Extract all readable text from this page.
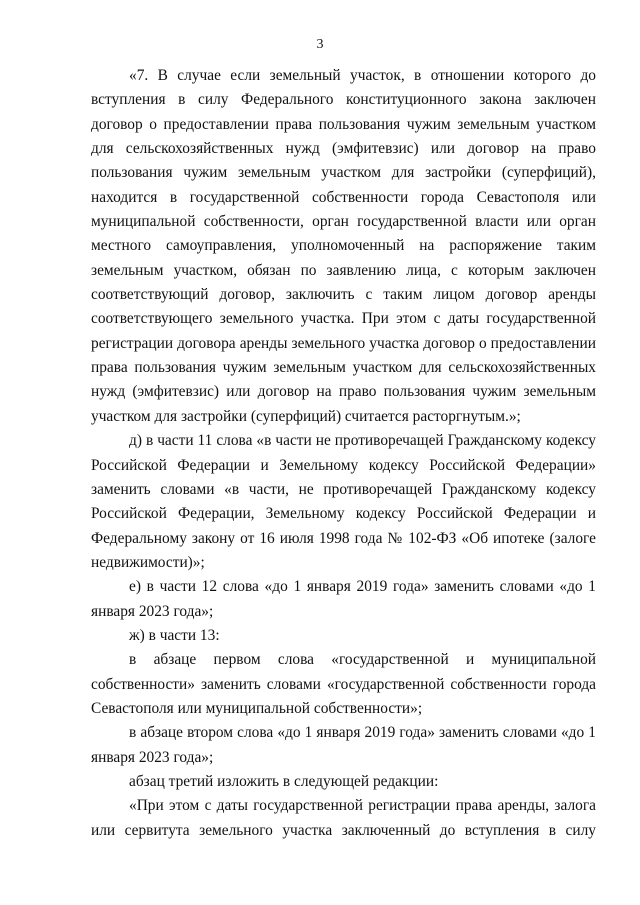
3

«7. В случае если земельный участок, в отношении которого до вступления в силу Федерального конституционного закона заключен договор о предоставлении права пользования чужим земельным участком для сельскохозяйственных нужд (эмфитевзис) или договор на право пользования чужим земельным участком для застройки (суперфиций), находится в государственной собственности города Севастополя или муниципальной собственности, орган государственной власти или орган местного самоуправления, уполномоченный на распоряжение таким земельным участком, обязан по заявлению лица, с которым заключен соответствующий договор, заключить с таким лицом договор аренды соответствующего земельного участка. При этом с даты государственной регистрации договора аренды земельного участка договор о предоставлении права пользования чужим земельным участком для сельскохозяйственных нужд (эмфитевзис) или договор на право пользования чужим земельным участком для застройки (суперфиций) считается расторгнутым.»;

д) в части 11 слова «в части не противоречащей Гражданскому кодексу Российской Федерации и Земельному кодексу Российской Федерации» заменить словами «в части, не противоречащей Гражданскому кодексу Российской Федерации, Земельному кодексу Российской Федерации и Федеральному закону от 16 июля 1998 года № 102-ФЗ «Об ипотеке (залоге недвижимости)»;

е) в части 12 слова «до 1 января 2019 года» заменить словами «до 1 января 2023 года»;

ж) в части 13:

в абзаце первом слова «государственной и муниципальной собственности» заменить словами «государственной собственности города Севастополя или муниципальной собственности»;

в абзаце втором слова «до 1 января 2019 года» заменить словами «до 1 января 2023 года»;

абзац третий изложить в следующей редакции:

«При этом с даты государственной регистрации права аренды, залога или сервитута земельного участка заключенный до вступления в силу
